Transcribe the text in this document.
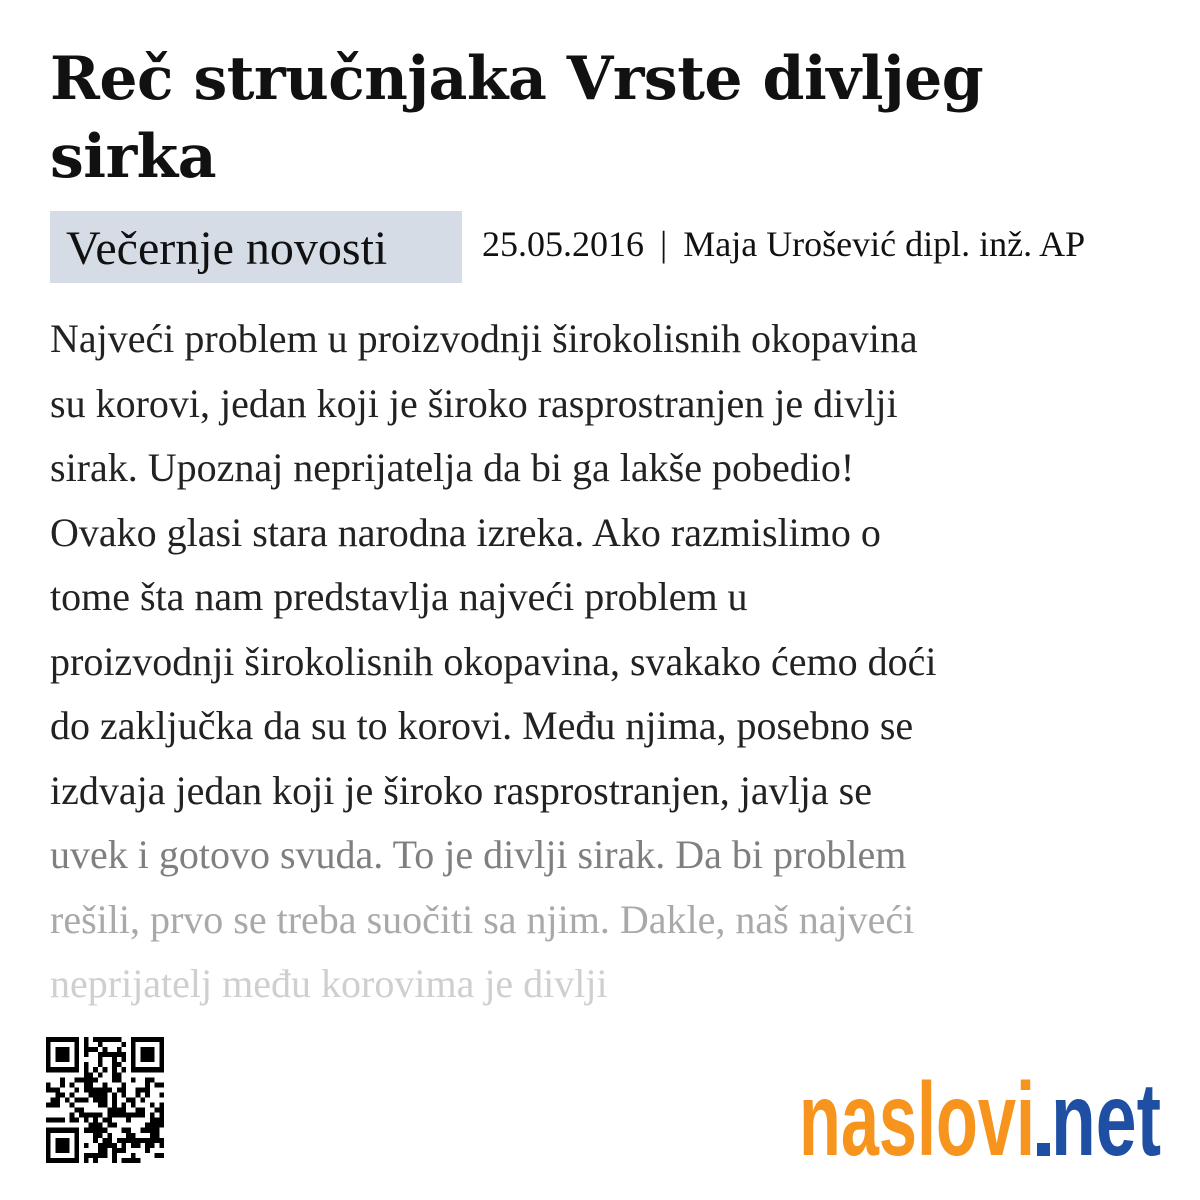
Reč stručnjaka Vrste divljeg sirka
Večernje novosti	25.05.2016 | Maja Urošević dipl. inž. AP
Najveći problem u proizvodnji širokolisnih okopavina
su korovi, jedan koji je široko rasprostranjen je divlji
sirak. Upoznaj neprijatelja da bi ga lakše pobedio!
Ovako glasi stara narodna izreka. Ako razmislimo o
tome šta nam predstavlja najveći problem u
proizvodnji širokolisnih okopavina, svakako ćemo doći
do zaključka da su to korovi. Među njima, posebno se
izdvaja jedan koji je široko rasprostranjen, javlja se
uvek i gotovo svuda. To je divlji sirak. Da bi problem
rešili, prvo se treba suočiti sa njim. Dakle, naš najveći
neprijatelj među korovima je divlji
naslovi net
